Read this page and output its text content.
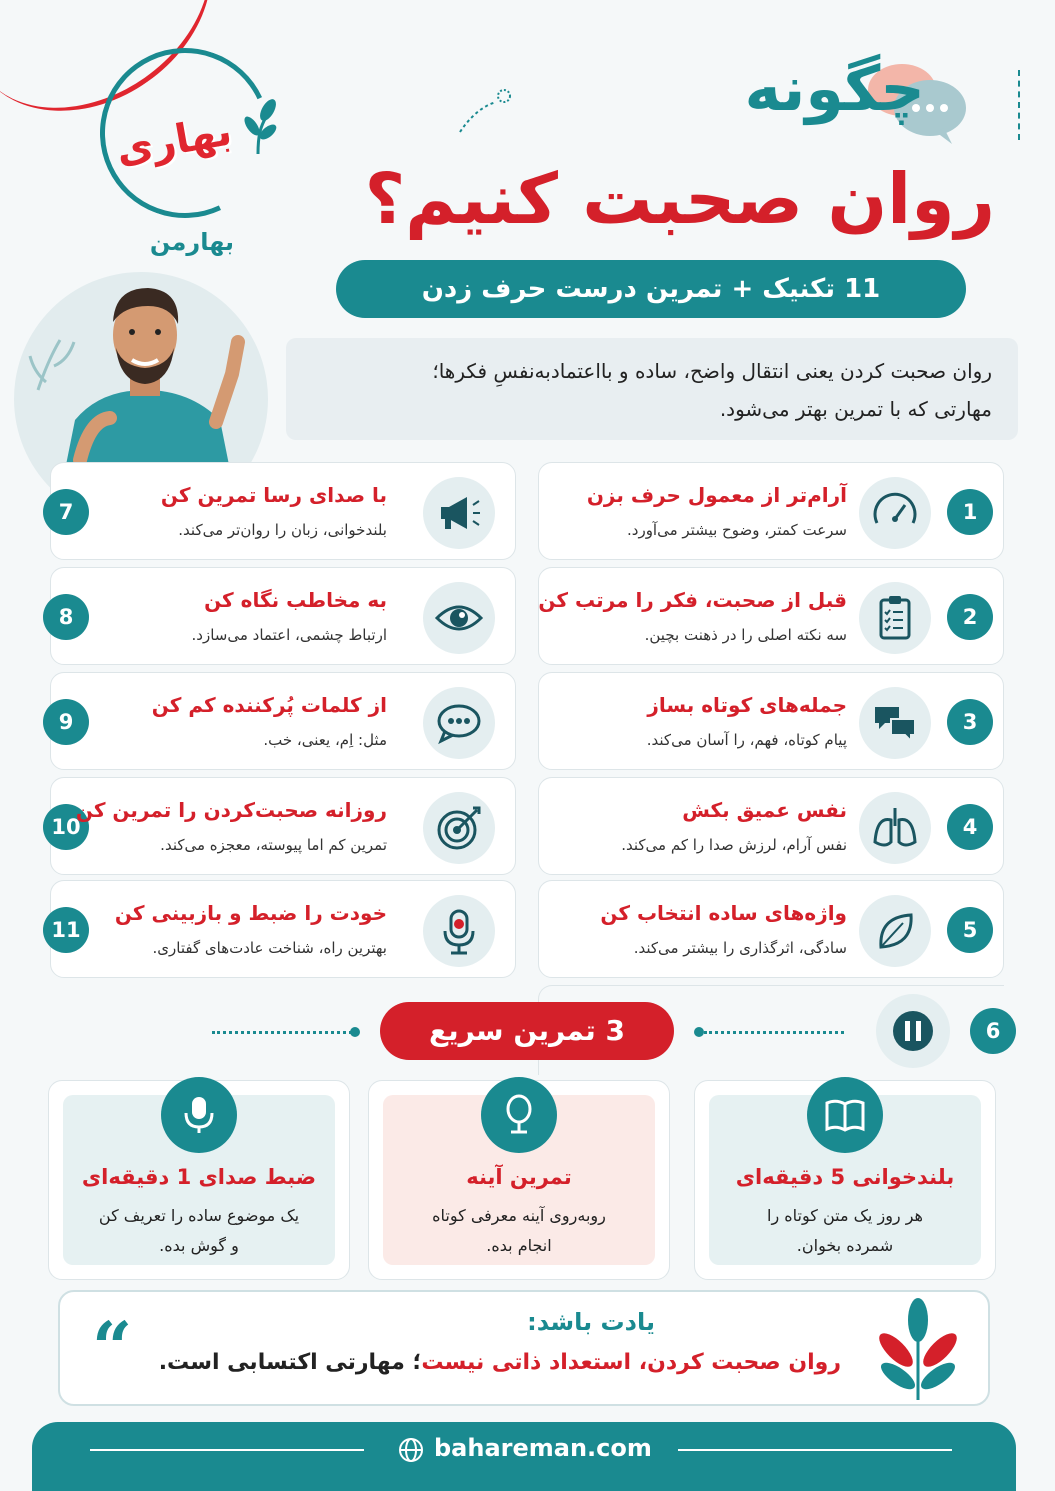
بهاری
بهارمن
چگونه
روان صحبت کنیم؟
11 تکنیک + تمرین درست حرف زدن
روان صحبت کردن یعنی انتقال واضح، ساده و بااعتمادبه‌نفسِ فکرها؛
مهارتی که با تمرین بهتر می‌شود.
1
آرام‌تر از معمول حرف بزن
سرعت کمتر، وضوح بیشتر می‌آورد.
2
قبل از صحبت، فکر را مرتب کن
سه نکته اصلی را در ذهنت بچین.
3
جمله‌های کوتاه بساز
پیام کوتاه، فهم، را آسان می‌کند.
4
نفس عمیق بکش
نفس آرام، لرزش صدا را کم می‌کند.
5
واژه‌های ساده انتخاب کن
سادگی، اثرگذاری را بیشتر می‌کند.
6
7
با صدای رسا تمرین کن
بلندخوانی، زبان را روان‌تر می‌کند.
8
به مخاطب نگاه کن
ارتباط چشمی، اعتماد می‌سازد.
9
از کلمات پُرکننده کم کن
مثل: اِم، یعنی، خب.
10
روزانه صحبت‌کردن را تمرین کن
تمرین کم اما پیوسته، معجزه می‌کند.
11
خودت را ضبط و بازبینی کن
بهترین راه، شناخت عادت‌های گفتاری.
3 تمرین سریع
ضبط صدای 1 دقیقه‌ای
یک موضوع ساده را تعریف کن
و گوش بده.
تمرین آینه
روبه‌روی آینه معرفی کوتاه
انجام بده.
بلندخوانی 5 دقیقه‌ای
هر روز یک متن کوتاه را
شمرده بخوان.
“	یادت باشد:
روان صحبت کردن، استعداد ذاتی نیست؛ مهارتی اکتسابی است.
bahareman.com
